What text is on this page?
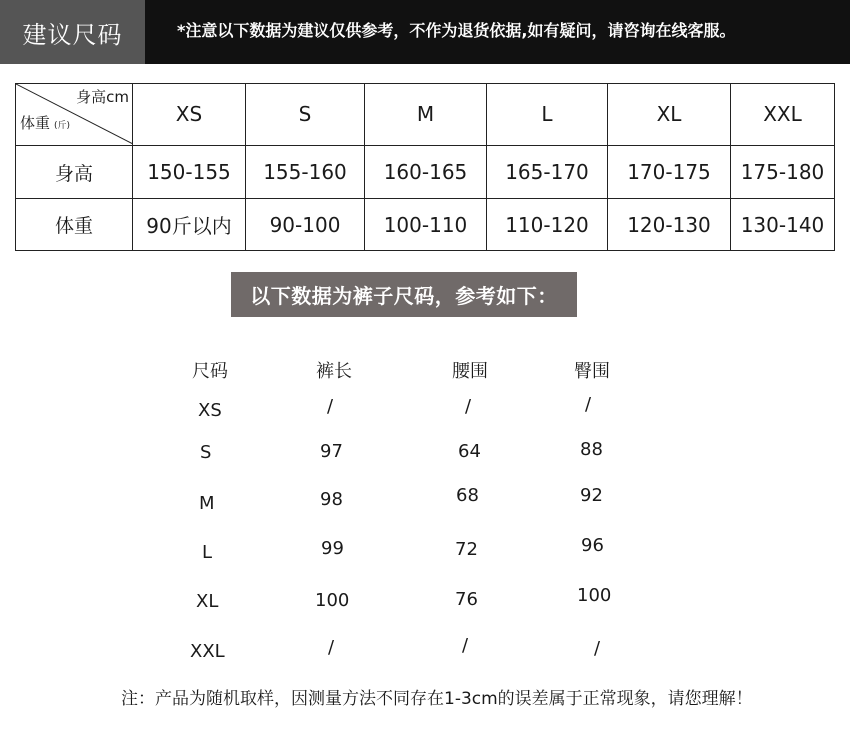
建议尺码	*注意以下数据为建议仅供参考，不作为退货依据,如有疑问，请咨询在线客服。
身高cm
体重 (斤)	XS	S	M	L	XL	XXL
身高	150-155	155-160	160-165	165-170	170-175	175-180
体重	90斤以内	90-100	100-110	110-120	120-130	130-140
以下数据为裤子尺码，参考如下：
尺码	裤长	腰围	臀围
XS	/	/	/
S	97	64	88
M	98	68	92
L	99	72	96
XL	100	76	100
XXL	/	/	/
注：产品为随机取样，因测量方法不同存在1-3cm的误差属于正常现象，请您理解！
